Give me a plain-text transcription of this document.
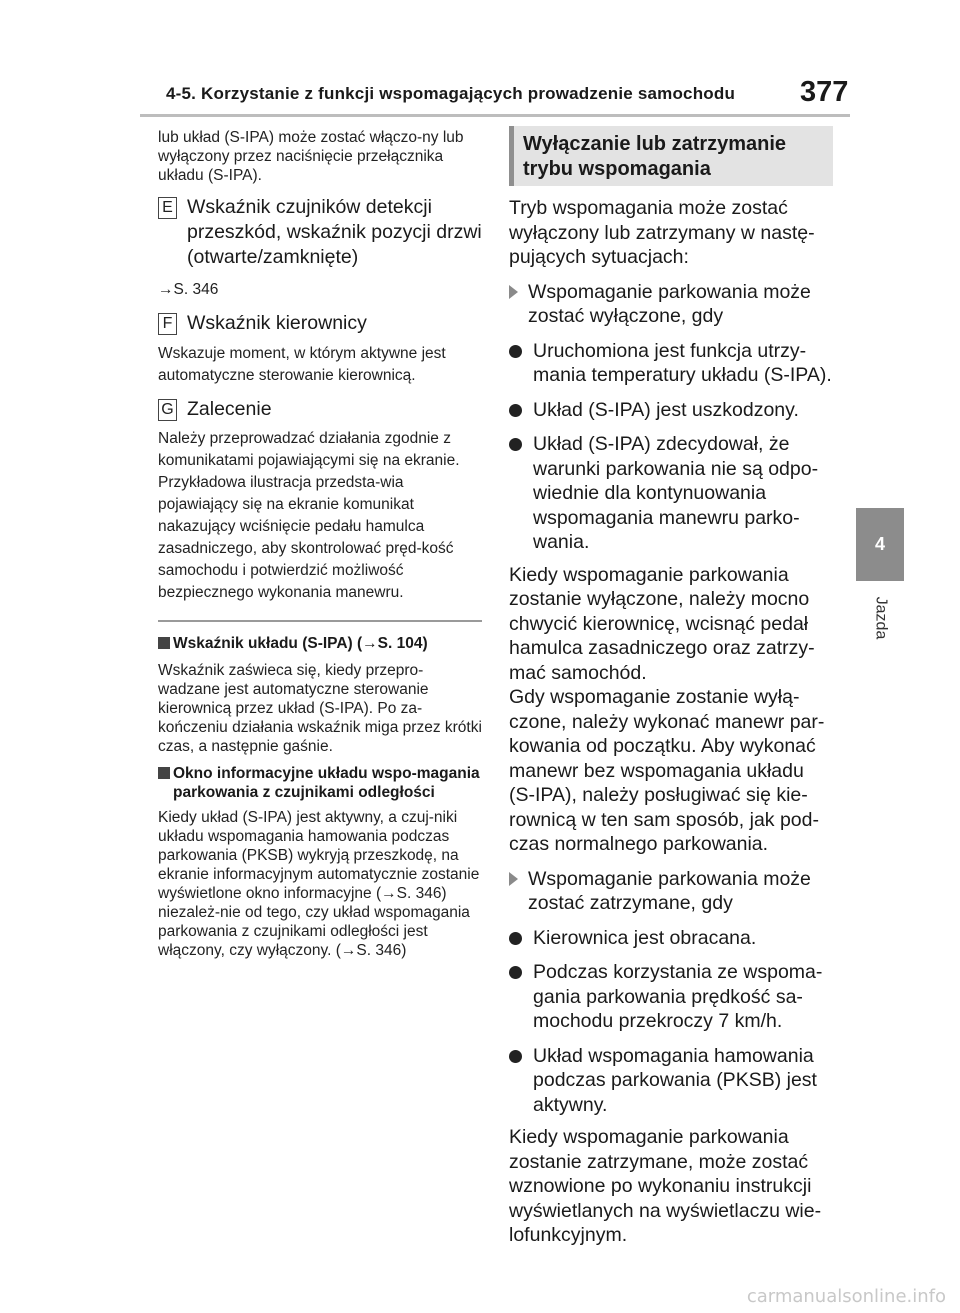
4-5. Korzystanie z funkcji wspomagających prowadzenie samochodu 377
4
Jazda

lub układ (S-IPA) może zostać włączo-ny lub wyłączony przez naciśnięcie przełącznika układu (S-IPA).

E Wskaźnik czujników detekcji przeszkód, wskaźnik pozycji drzwi (otwarte/zamknięte)

→S. 346

F Wskaźnik kierownicy

Wskazuje moment, w którym aktywne jest automatyczne sterowanie kierownicą.

G Zalecenie

Należy przeprowadzać działania zgodnie z komunikatami pojawiającymi się na ekranie. Przykładowa ilustracja przedsta-wia pojawiający się na ekranie komunikat nakazujący wciśnięcie pedału hamulca zasadniczego, aby skontrolować pręd-kość samochodu i potwierdzić możliwość bezpiecznego wykonania manewru.

Wskaźnik układu (S-IPA) (→S. 104)

Wskaźnik zaświeca się, kiedy przepro-wadzane jest automatyczne sterowanie kierownicą przez układ (S-IPA). Po za-kończeniu działania wskaźnik miga przez krótki czas, a następnie gaśnie.

Okno informacyjne układu wspo-magania parkowania z czujnikami odległości

Kiedy układ (S-IPA) jest aktywny, a czuj-niki układu wspomagania hamowania podczas parkowania (PKSB) wykryją przeszkodę, na ekranie informacyjnym automatycznie zostanie wyświetlone okno informacyjne (→S. 346) niezależ-nie od tego, czy układ wspomagania parkowania z czujnikami odległości jest włączony, czy wyłączony. (→S. 346)

Wyłączanie lub zatrzymanie trybu wspomagania

Tryb wspomagania może zostać wyłączony lub zatrzymany w nastę-pujących sytuacjach:

Wspomaganie parkowania może zostać wyłączone, gdy
Uruchomiona jest funkcja utrzy-mania temperatury układu (S-IPA).
Układ (S-IPA) jest uszkodzony.
Układ (S-IPA) zdecydował, że warunki parkowania nie są odpo-wiednie dla kontynuowania wspomagania manewru parko-wania.

Kiedy wspomaganie parkowania zostanie wyłączone, należy mocno chwycić kierownicę, wcisnąć pedał hamulca zasadniczego oraz zatrzy-mać samochód.

Gdy wspomaganie zostanie wyłą-czone, należy wykonać manewr par-kowania od początku. Aby wykonać manewr bez wspomagania układu (S-IPA), należy posługiwać się kie-rownicą w ten sam sposób, jak pod-czas normalnego parkowania.

Wspomaganie parkowania może zostać zatrzymane, gdy
Kierownica jest obracana.
Podczas korzystania ze wspoma-gania parkowania prędkość sa-mochodu przekroczy 7 km/h.
Układ wspomagania hamowania podczas parkowania (PKSB) jest aktywny.

Kiedy wspomaganie parkowania zostanie zatrzymane, może zostać wznowione po wykonaniu instrukcji wyświetlanych na wyświetlaczu wie-lofunkcyjnym.

carmanualsonline.info
